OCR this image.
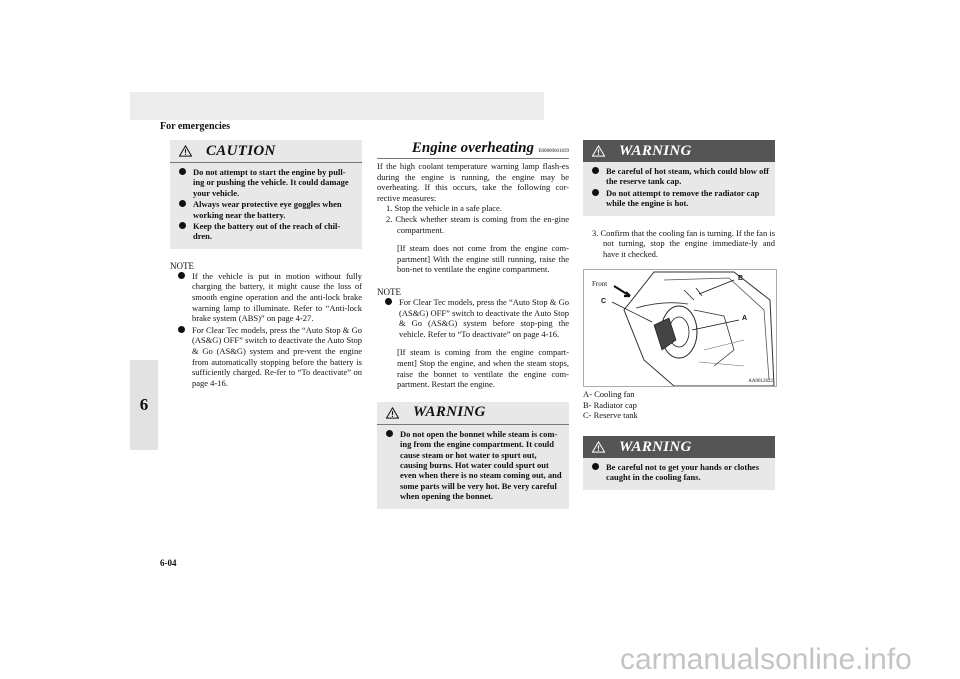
For emergencies

6

6-04

carmanualsonline.info
CAUTION
Do not attempt to start the engine by pull-ing or pushing the vehicle. It could damage your vehicle.
Always wear protective eye goggles when working near the battery.
Keep the battery out of the reach of chil-dren.

NOTE

If the vehicle is put in motion without fully charging the battery, it might cause the loss of smooth engine operation and the anti-lock brake warning lamp to illuminate. Refer to “Anti-lock brake system (ABS)” on page 4-27.
For Clear Tec models, press the “Auto Stop & Go (AS&G) OFF” switch to deactivate the Auto Stop & Go (AS&G) system and pre-vent the engine from automatically stopping before the battery is sufficiently charged. Re-fer to “To deactivate” on page 4-16.
Engine overheating E00800601839

If the high coolant temperature warning lamp flash-es during the engine is running, the engine may be overheating. If this occurs, take the following cor-rective measures:

1. Stop the vehicle in a safe place.
2. Check whether steam is coming from the en-gine compartment.

[If steam does not come from the engine com-partment] With the engine still running, raise the bon-net to ventilate the engine compartment.

NOTE

For Clear Tec models, press the “Auto Stop & Go (AS&G) OFF” switch to deactivate the Auto Stop & Go (AS&G) system before stop-ping the vehicle. Refer to “To deactivate” on page 4-16.

[If steam is coming from the engine compart-ment] Stop the engine, and when the steam stops, raise the bonnet to ventilate the engine com-partment. Restart the engine.

WARNING
Do not open the bonnet while steam is com-ing from the engine compartment. It could cause steam or hot water to spurt out, causing burns. Hot water could spurt out even when there is no steam coming out, and some parts will be very hot. Be very careful when opening the bonnet.
WARNING
Be careful of hot steam, which could blow off the reserve tank cap.
Do not attempt to remove the radiator cap while the engine is hot.
3. Confirm that the cooling fan is turning. If the fan is not turning, stop the engine immediate-ly and have it checked.
Front
B
C
A
AA0012622
A- Cooling fan
B- Radiator cap
C- Reserve tank
WARNING
Be careful not to get your hands or clothes caught in the cooling fans.
